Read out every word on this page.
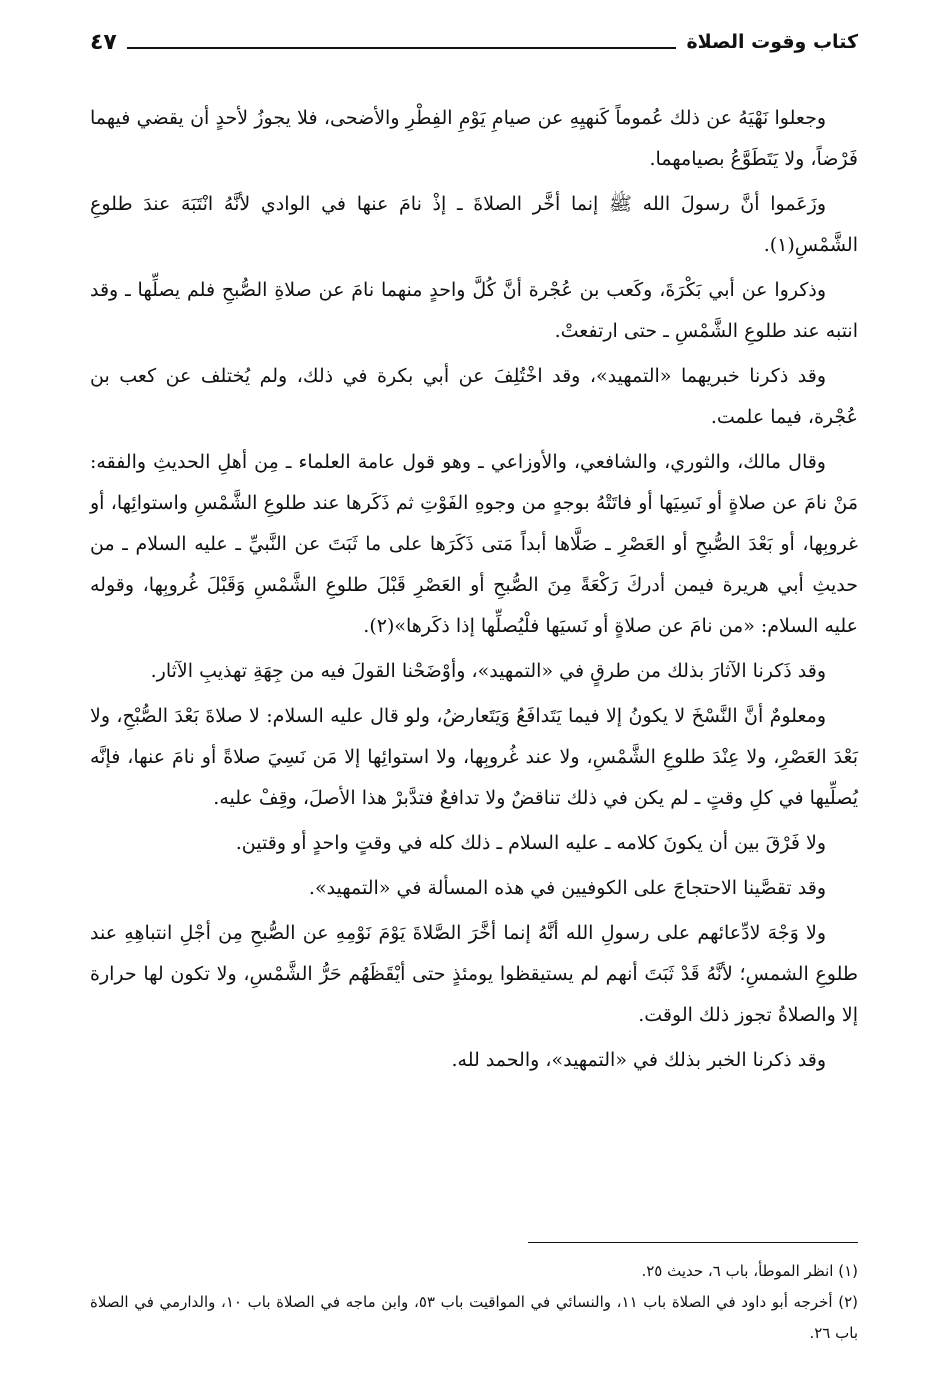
كتاب وقوت الصلاة
٤٧

وجعلوا نَهْيَهُ عن ذلك عُموماً كَنهيِهِ عن صيامِ يَوْمِ الفِطْرِ والأضحى، فلا يجوزُ لأحدٍ أن يقضي فيهما فَرْضاً، ولا يَتَطَوَّعُ بصيامهما.

وزَعَموا أنَّ رسولَ الله ﷺ إنما أخَّر الصلاةَ ـ إذْ نامَ عنها في الوادي لأنَّهُ انْتَبَهَ عندَ طلوعِ الشَّمْسِ(١).

وذكروا عن أبي بَكْرَةَ، وكَعب بن عُجْرة أنَّ كُلَّ واحدٍ منهما نامَ عن صلاةِ الصُّبحِ فلم يصلِّها ـ وقد انتبه عند طلوعِ الشَّمْسِ ـ حتى ارتفعتْ.

وقد ذكرنا خبريهما «التمهيد»، وقد اخْتُلِفَ عن أبي بكرة في ذلك، ولم يُختلف عن كعب بن عُجْرة، فيما علمت.

وقال مالك، والثوري، والشافعي، والأوزاعي ـ وهو قول عامة العلماء ـ مِن أهلِ الحديثِ والفقه: مَنْ نامَ عن صلاةٍ أو نَسِيَها أو فاتَتْهُ بوجهٍ من وجوهِ الفَوْتِ ثم ذَكَرها عند طلوعِ الشَّمْسِ واستوائِها، أو غروبِها، أو بَعْدَ الصُّبحِ أو العَصْرِ ـ صَلَّاها أبداً مَتى ذَكَرَها على ما ثَبَتَ عن النَّبيِّ ـ عليه السلام ـ من حديثِ أبي هريرة فيمن أدركَ رَكْعَةً مِنَ الصُّبحِ أو العَصْرِ قَبْلَ طلوعِ الشَّمْسِ وَقَبْلَ غُروبِها، وقوله عليه السلام: «من نامَ عن صلاةٍ أو نَسيَها فلْيُصلِّها إذا ذكَرها»(٢).

وقد ذَكرنا الآثارَ بذلك من طرقٍ في «التمهيد»، وأوْضَحْنا القولَ فيه من جِهَةِ تهذيبِ الآثار.

ومعلومٌ أنَّ النَّسْخَ لا يكونُ إلا فيما يَتَدافَعُ وَيَتَعارضُ، ولو قال عليه السلام: لا صلاةَ بَعْدَ الصُّبْحِ، ولا بَعْدَ العَصْرِ، ولا عِنْدَ طلوعِ الشَّمْسِ، ولا عند غُروبِها، ولا استوائِها إلا مَن نَسِيَ صلاةً أو نامَ عنها، فإنَّه يُصلِّيها في كلِ وقتٍ ـ لم يكن في ذلك تناقضٌ ولا تدافعٌ فتدَّبرْ هذا الأصلَ، وقِفْ عليه.

ولا فَرْقَ بين أن يكونَ كلامه ـ عليه السلام ـ ذلك كله في وقتٍ واحدٍ أو وقتين.

وقد تقصَّينا الاحتجاجَ على الكوفيين في هذه المسألة في «التمهيد».

ولا وَجْهَ لادِّعائهم على رسولِ الله أنَّهُ إنما أخَّرَ الصَّلاةَ يَوْمَ نَوْمِهِ عن الصُّبحِ مِن أجْلِ انتباهِهِ عند طلوعِ الشمسِ؛ لأنَّهُ قَدْ ثَبَتَ أنهم لم يستيقظوا يومئذٍ حتى أيْقَظَهُم حَرُّ الشَّمْسِ، ولا تكون لها حرارة إلا والصلاةُ تجوز ذلك الوقت.

وقد ذكرنا الخبر بذلك في «التمهيد»، والحمد لله.

(١) انظر الموطأ، باب ٦، حديث ٢٥.

(٢) أخرجه أبو داود في الصلاة باب ١١، والنسائي في المواقيت باب ٥٣، وابن ماجه في الصلاة باب ١٠، والدارمي في الصلاة باب ٢٦.
